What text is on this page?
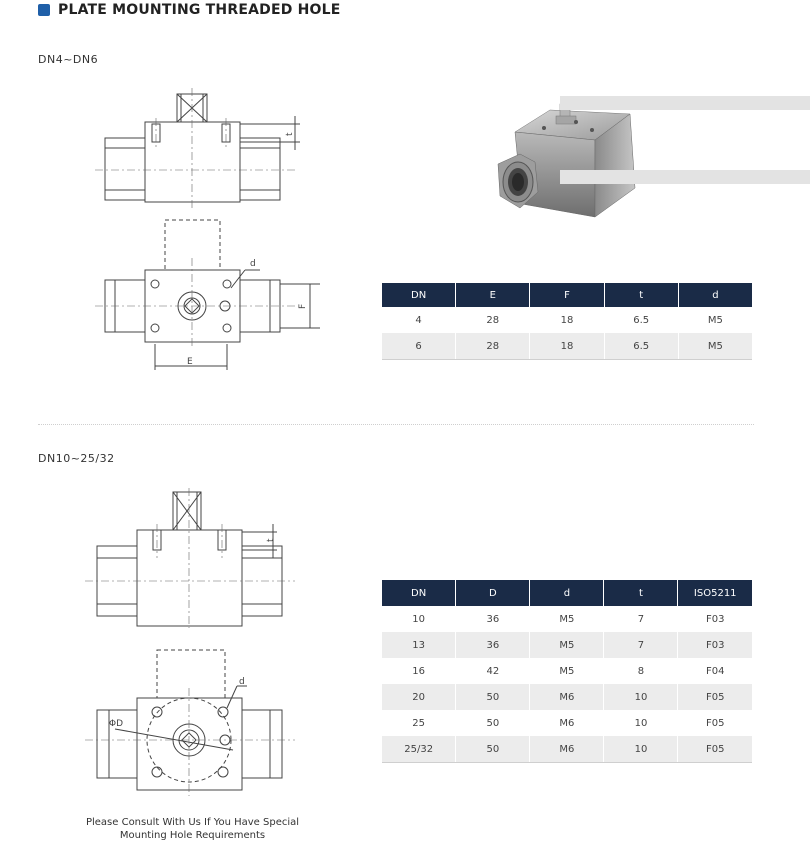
PLATE MOUNTING THREADED HOLE
DN4~DN6
t
d
F
E
DN	E	F	t	d
4	28	18	6.5	M5
6	28	18	6.5	M5
DN10~25/32
t
d
ΦD
DN	D	d	t	ISO5211
10	36	M5	7	F03
13	36	M5	7	F03
16	42	M5	8	F04
20	50	M6	10	F05
25	50	M6	10	F05
25/32	50	M6	10	F05
Please Consult With Us If You Have Special
Mounting Hole Requirements
